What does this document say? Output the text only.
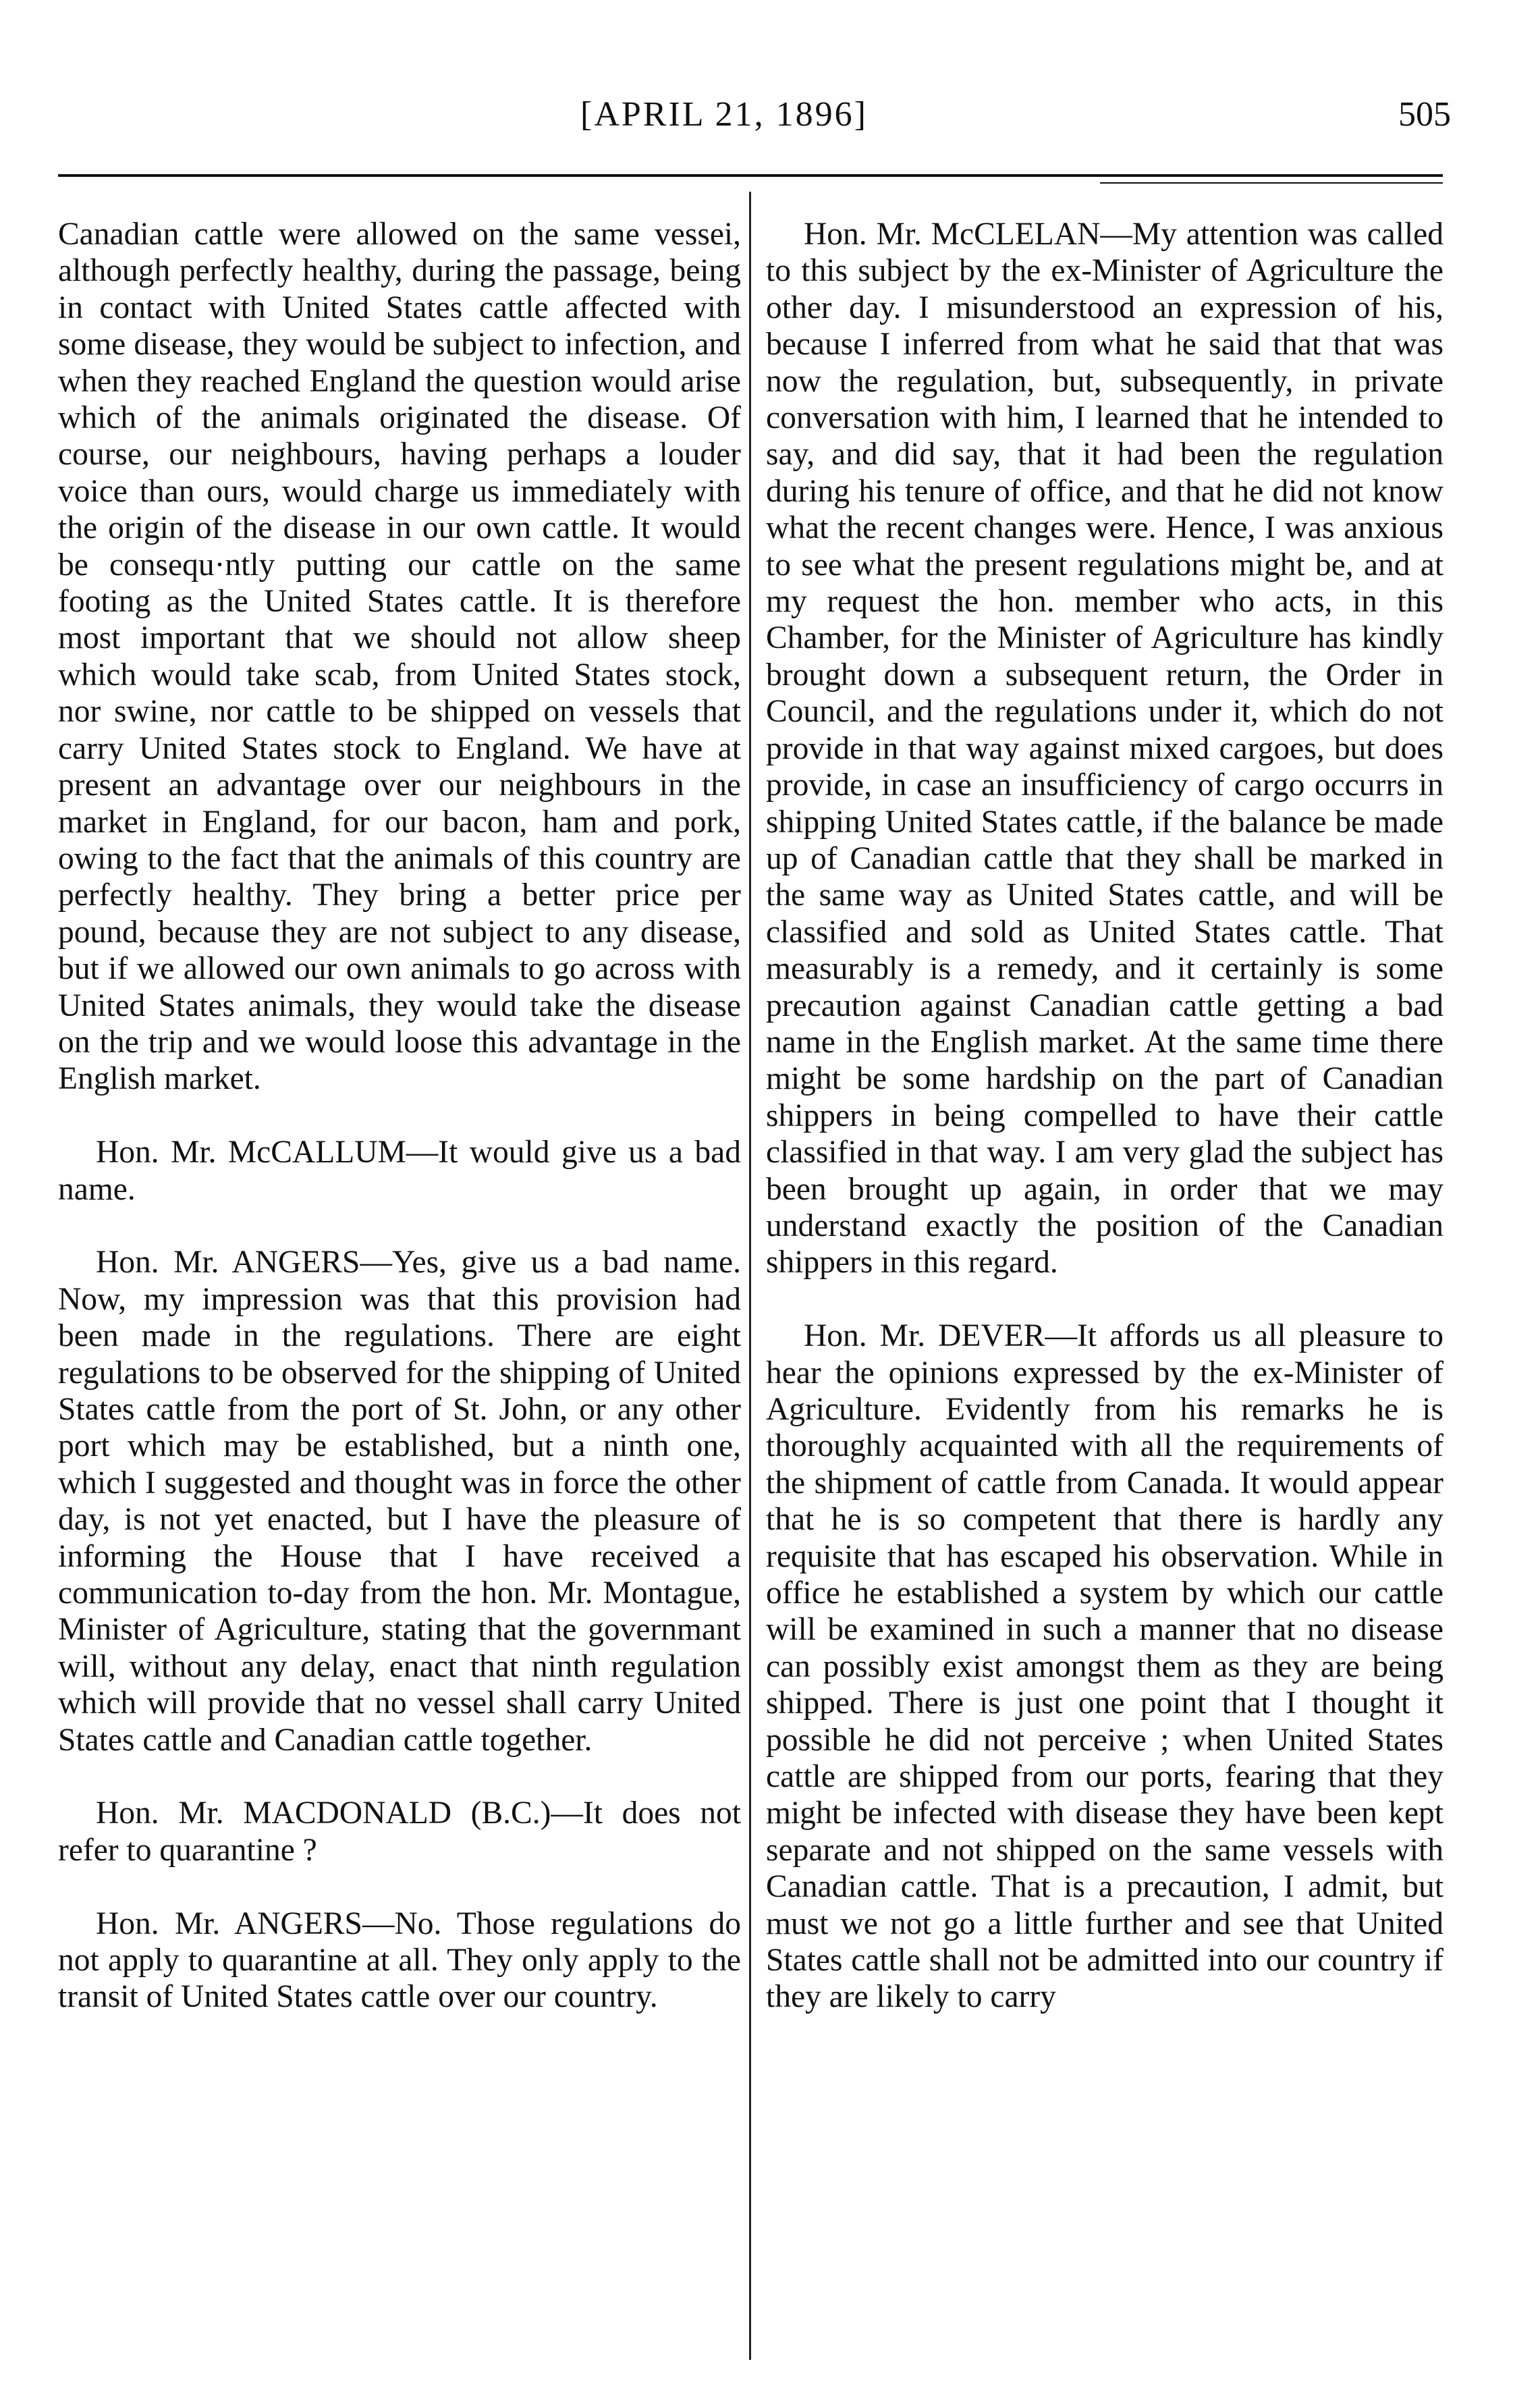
[APRIL 21, 1896]	505

Canadian cattle were allowed on the same vessei, although perfectly healthy, during the passage, being in contact with United States cattle affected with some disease, they would be subject to infection, and when they reached England the question would arise which of the animals originated the disease. Of course, our neighbours, having perhaps a louder voice than ours, would charge us immediately with the origin of the disease in our own cattle. It would be consequ·ntly putting our cattle on the same footing as the United States cattle. It is therefore most important that we should not allow sheep which would take scab, from United States stock, nor swine, nor cattle to be shipped on vessels that carry United States stock to England. We have at present an advantage over our neighbours in the market in England, for our bacon, ham and pork, owing to the fact that the animals of this country are perfectly healthy. They bring a better price per pound, because they are not subject to any disease, but if we allowed our own animals to go across with United States animals, they would take the disease on the trip and we would loose this advantage in the English market.

Hon. Mr. McCALLUM—It would give us a bad name.

Hon. Mr. ANGERS—Yes, give us a bad name. Now, my impression was that this provision had been made in the regulations. There are eight regulations to be observed for the shipping of United States cattle from the port of St. John, or any other port which may be established, but a ninth one, which I suggested and thought was in force the other day, is not yet enacted, but I have the pleasure of informing the House that I have received a communication to-day from the hon. Mr. Montague, Minister of Agriculture, stating that the governmant will, without any delay, enact that ninth regulation which will provide that no vessel shall carry United States cattle and Canadian cattle together.

Hon. Mr. MACDONALD (B.C.)—It does not refer to quarantine ?

Hon. Mr. ANGERS—No. Those regulations do not apply to quarantine at all. They only apply to the transit of United States cattle over our country.

Hon. Mr. McCLELAN—My attention was called to this subject by the ex-Minister of Agriculture the other day. I misunderstood an expression of his, because I inferred from what he said that that was now the regulation, but, subsequently, in private conversation with him, I learned that he intended to say, and did say, that it had been the regulation during his tenure of office, and that he did not know what the recent changes were. Hence, I was anxious to see what the present regulations might be, and at my request the hon. member who acts, in this Chamber, for the Minister of Agriculture has kindly brought down a subsequent return, the Order in Council, and the regulations under it, which do not provide in that way against mixed cargoes, but does provide, in case an insufficiency of cargo occurrs in shipping United States cattle, if the balance be made up of Canadian cattle that they shall be marked in the same way as United States cattle, and will be classified and sold as United States cattle. That measurably is a remedy, and it certainly is some precaution against Canadian cattle getting a bad name in the English market. At the same time there might be some hardship on the part of Canadian shippers in being compelled to have their cattle classified in that way. I am very glad the subject has been brought up again, in order that we may understand exactly the position of the Canadian shippers in this regard.

Hon. Mr. DEVER—It affords us all pleasure to hear the opinions expressed by the ex-Minister of Agriculture. Evidently from his remarks he is thoroughly acquainted with all the requirements of the shipment of cattle from Canada. It would appear that he is so competent that there is hardly any requisite that has escaped his observation. While in office he established a system by which our cattle will be examined in such a manner that no disease can possibly exist amongst them as they are being shipped. There is just one point that I thought it possible he did not perceive ; when United States cattle are shipped from our ports, fearing that they might be infected with disease they have been kept separate and not shipped on the same vessels with Canadian cattle. That is a precaution, I admit, but must we not go a little further and see that United States cattle shall not be admitted into our country if they are likely to carry
